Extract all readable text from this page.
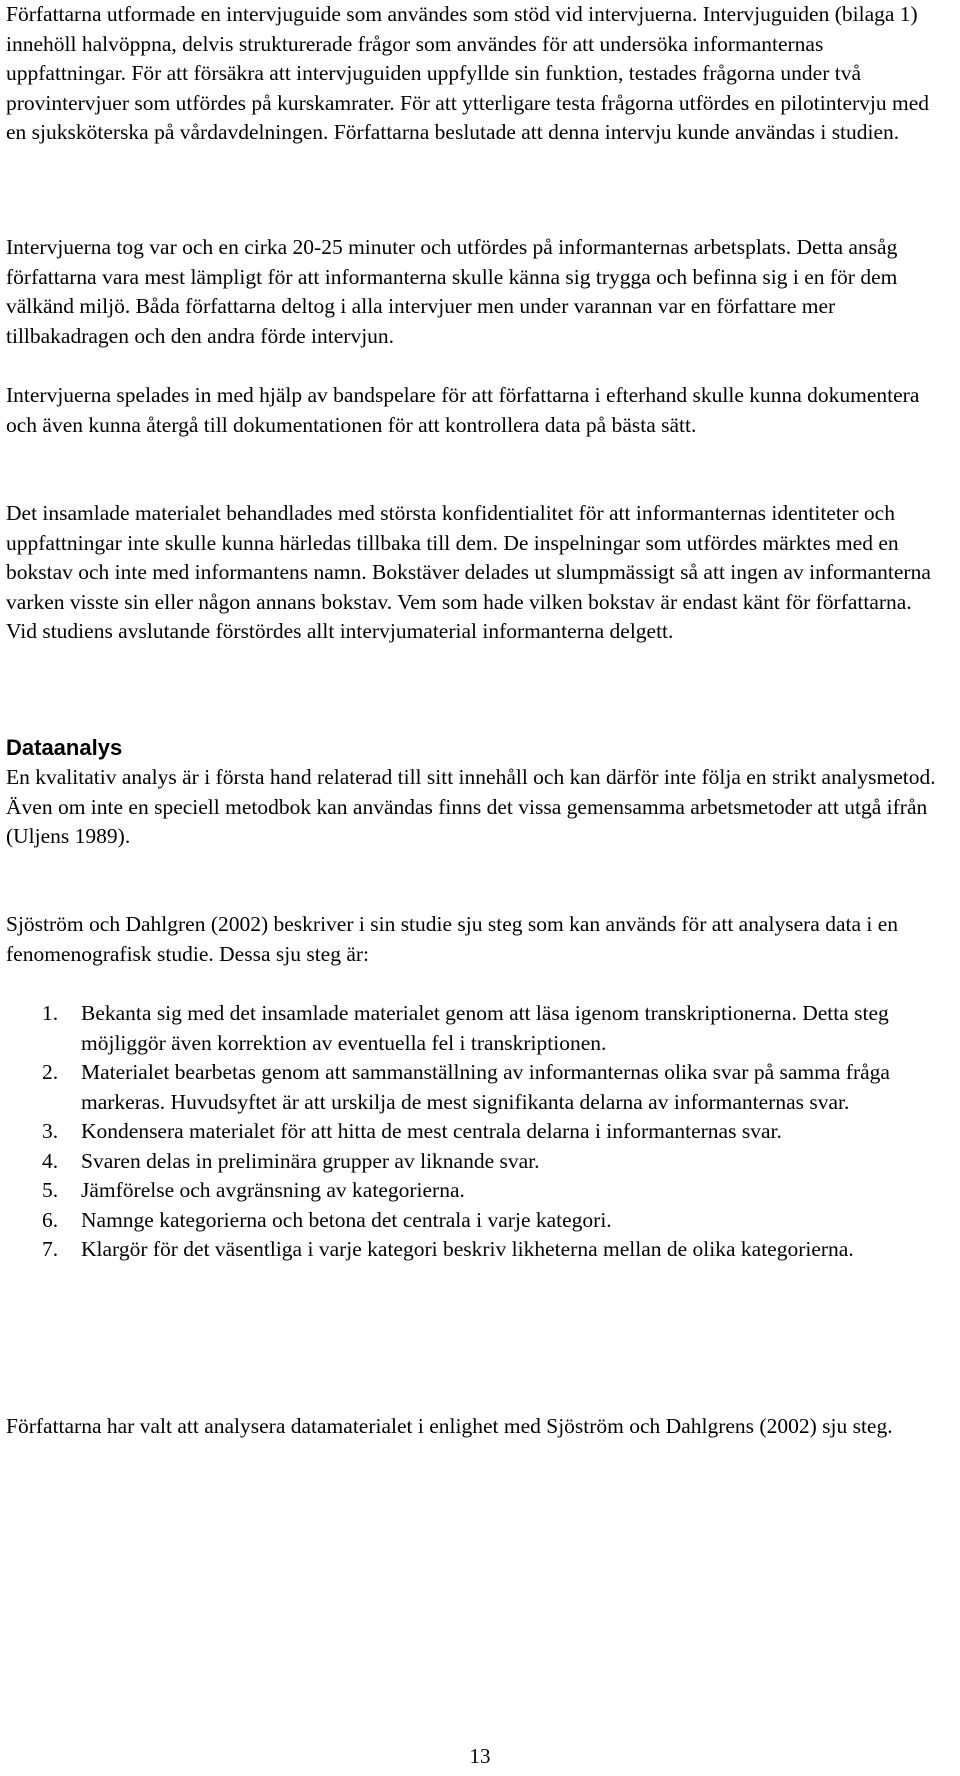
Författarna utformade en intervjuguide som användes som stöd vid intervjuerna. Intervjuguiden (bilaga 1) innehöll halvöppna, delvis strukturerade frågor som användes för att undersöka informanternas uppfattningar. För att försäkra att intervjuguiden uppfyllde sin funktion, testades frågorna under två provintervjuer som utfördes på kurskamrater. För att ytterligare testa frågorna utfördes en pilotintervju med en sjuksköterska på vårdavdelningen. Författarna beslutade att denna intervju kunde användas i studien.

Intervjuerna tog var och en cirka 20-25 minuter och utfördes på informanternas arbetsplats. Detta ansåg författarna vara mest lämpligt för att informanterna skulle känna sig trygga och befinna sig i en för dem välkänd miljö. Båda författarna deltog i alla intervjuer men under varannan var en författare mer tillbakadragen och den andra förde intervjun.

Intervjuerna spelades in med hjälp av bandspelare för att författarna i efterhand skulle kunna dokumentera och även kunna återgå till dokumentationen för att kontrollera data på bästa sätt.

Det insamlade materialet behandlades med största konfidentialitet för att informanternas identiteter och uppfattningar inte skulle kunna härledas tillbaka till dem. De inspelningar som utfördes märktes med en bokstav och inte med informantens namn. Bokstäver delades ut slumpmässigt så att ingen av informanterna varken visste sin eller någon annans bokstav. Vem som hade vilken bokstav är endast känt för författarna. Vid studiens avslutande förstördes allt intervjumaterial informanterna delgett.

Dataanalys

En kvalitativ analys är i första hand relaterad till sitt innehåll och kan därför inte följa en strikt analysmetod. Även om inte en speciell metodbok kan användas finns det vissa gemensamma arbetsmetoder att utgå ifrån (Uljens 1989).

Sjöström och Dahlgren (2002) beskriver i sin studie sju steg som kan används för att analysera data i en fenomenografisk studie. Dessa sju steg är:

1. Bekanta sig med det insamlade materialet genom att läsa igenom transkriptionerna. Detta steg möjliggör även korrektion av eventuella fel i transkriptionen.
2. Materialet bearbetas genom att sammanställning av informanternas olika svar på samma fråga markeras. Huvudsyftet är att urskilja de mest signifikanta delarna av informanternas svar.
3. Kondensera materialet för att hitta de mest centrala delarna i informanternas svar.
4. Svaren delas in preliminära grupper av liknande svar.
5. Jämförelse och avgränsning av kategorierna.
6. Namnge kategorierna och betona det centrala i varje kategori.
7. Klargör för det väsentliga i varje kategori beskriv likheterna mellan de olika kategorierna.

Författarna har valt att analysera datamaterialet i enlighet med Sjöström och Dahlgrens (2002) sju steg.

13
